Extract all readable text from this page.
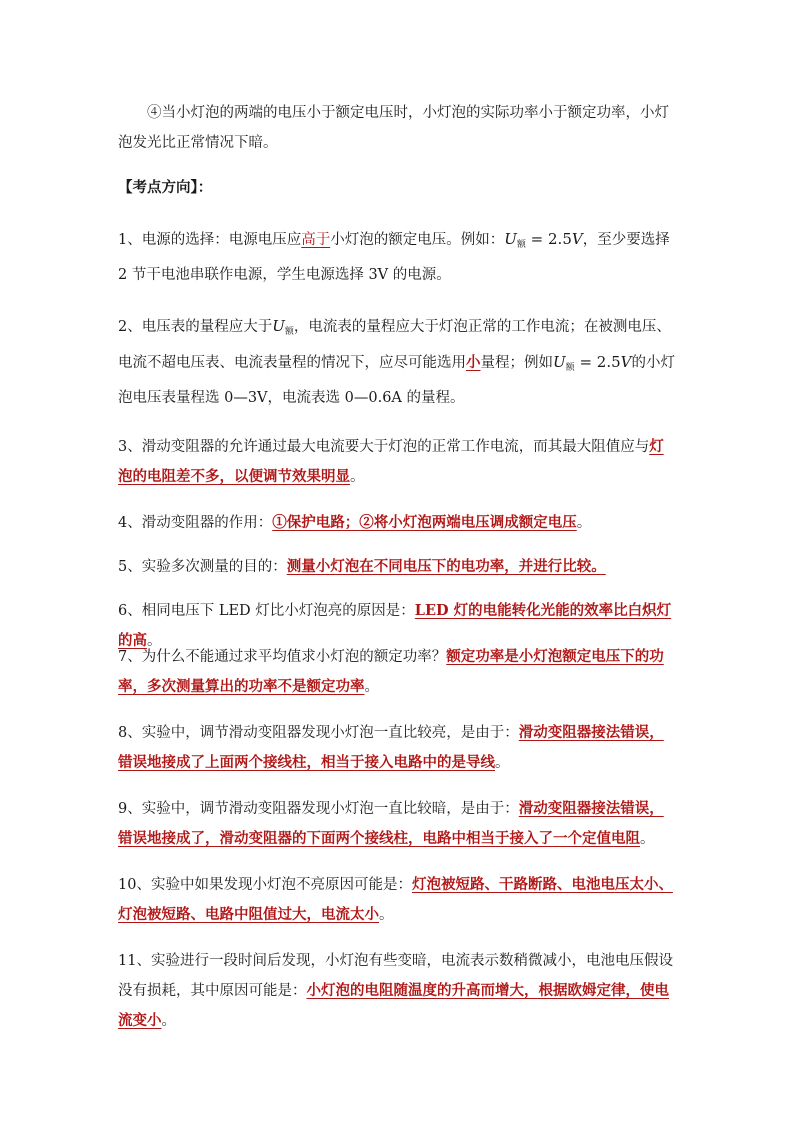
④当小灯泡的两端的电压小于额定电压时，小灯泡的实际功率小于额定功率，小灯泡发光比正常情况下暗。

【考点方向】：

1、电源的选择：电源电压应高于小灯泡的额定电压。例如：$U_额 = 2.5V$，至少要选择 2 节干电池串联作电源，学生电源选择 3V 的电源。

2、电压表的量程应大于$U_额$，电流表的量程应大于灯泡正常的工作电流；在被测电压、电流不超电压表、电流表量程的情况下，应尽可能选用小量程；例如$U_额 = 2.5V$的小灯泡电压表量程选 0—3V，电流表选 0—0.6A 的量程。

3、滑动变阻器的允许通过最大电流要大于灯泡的正常工作电流，而其最大阻值应与灯泡的电阻差不多，以便调节效果明显。

4、滑动变阻器的作用：①保护电路；②将小灯泡两端电压调成额定电压。

5、实验多次测量的目的：测量小灯泡在不同电压下的电功率，并进行比较。

6、相同电压下 LED 灯比小灯泡亮的原因是：LED 灯的电能转化光能的效率比白炽灯的高。

7、为什么不能通过求平均值求小灯泡的额定功率？额定功率是小灯泡额定电压下的功率，多次测量算出的功率不是额定功率。

8、实验中，调节滑动变阻器发现小灯泡一直比较亮，是由于：滑动变阻器接法错误，错误地接成了上面两个接线柱，相当于接入电路中的是导线。

9、实验中，调节滑动变阻器发现小灯泡一直比较暗，是由于：滑动变阻器接法错误，错误地接成了，滑动变阻器的下面两个接线柱，电路中相当于接入了一个定值电阻。

10、实验中如果发现小灯泡不亮原因可能是：灯泡被短路、干路断路、电池电压太小、灯泡被短路、电路中阻值过大，电流太小。

11、实验进行一段时间后发现，小灯泡有些变暗，电流表示数稍微减小，电池电压假设没有损耗，其中原因可能是：小灯泡的电阻随温度的升高而增大，根据欧姆定律，使电流变小。
